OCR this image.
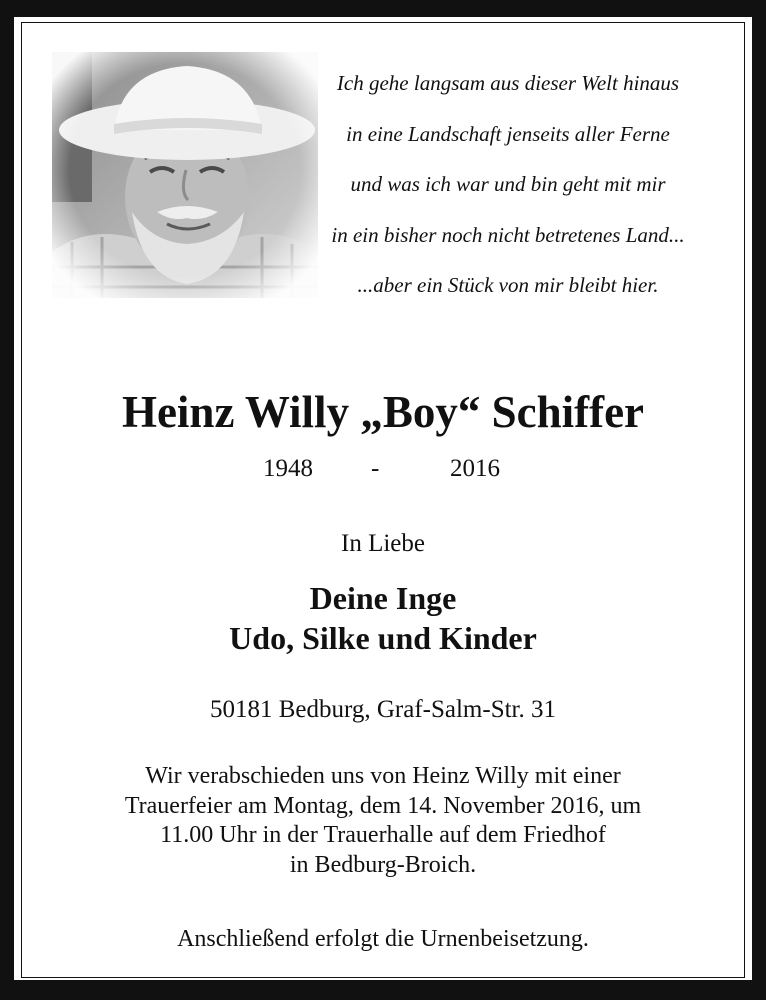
Ich gehe langsam aus dieser Welt hinaus
in eine Landschaft jenseits aller Ferne
und was ich war und bin geht mit mir
in ein bisher noch nicht betretenes Land...
...aber ein Stück von mir bleibt hier.
Heinz Willy „Boy“ Schiffer
1948 -	2016
In Liebe
Deine Inge
Udo, Silke und Kinder
50181 Bedburg, Graf-Salm-Str. 31
Wir verabschieden uns von Heinz Willy mit einer
Trauerfeier am Montag, dem 14. November 2016, um
11.00 Uhr in der Trauerhalle auf dem Friedhof
in Bedburg-Broich.
Anschließend erfolgt die Urnenbeisetzung.
